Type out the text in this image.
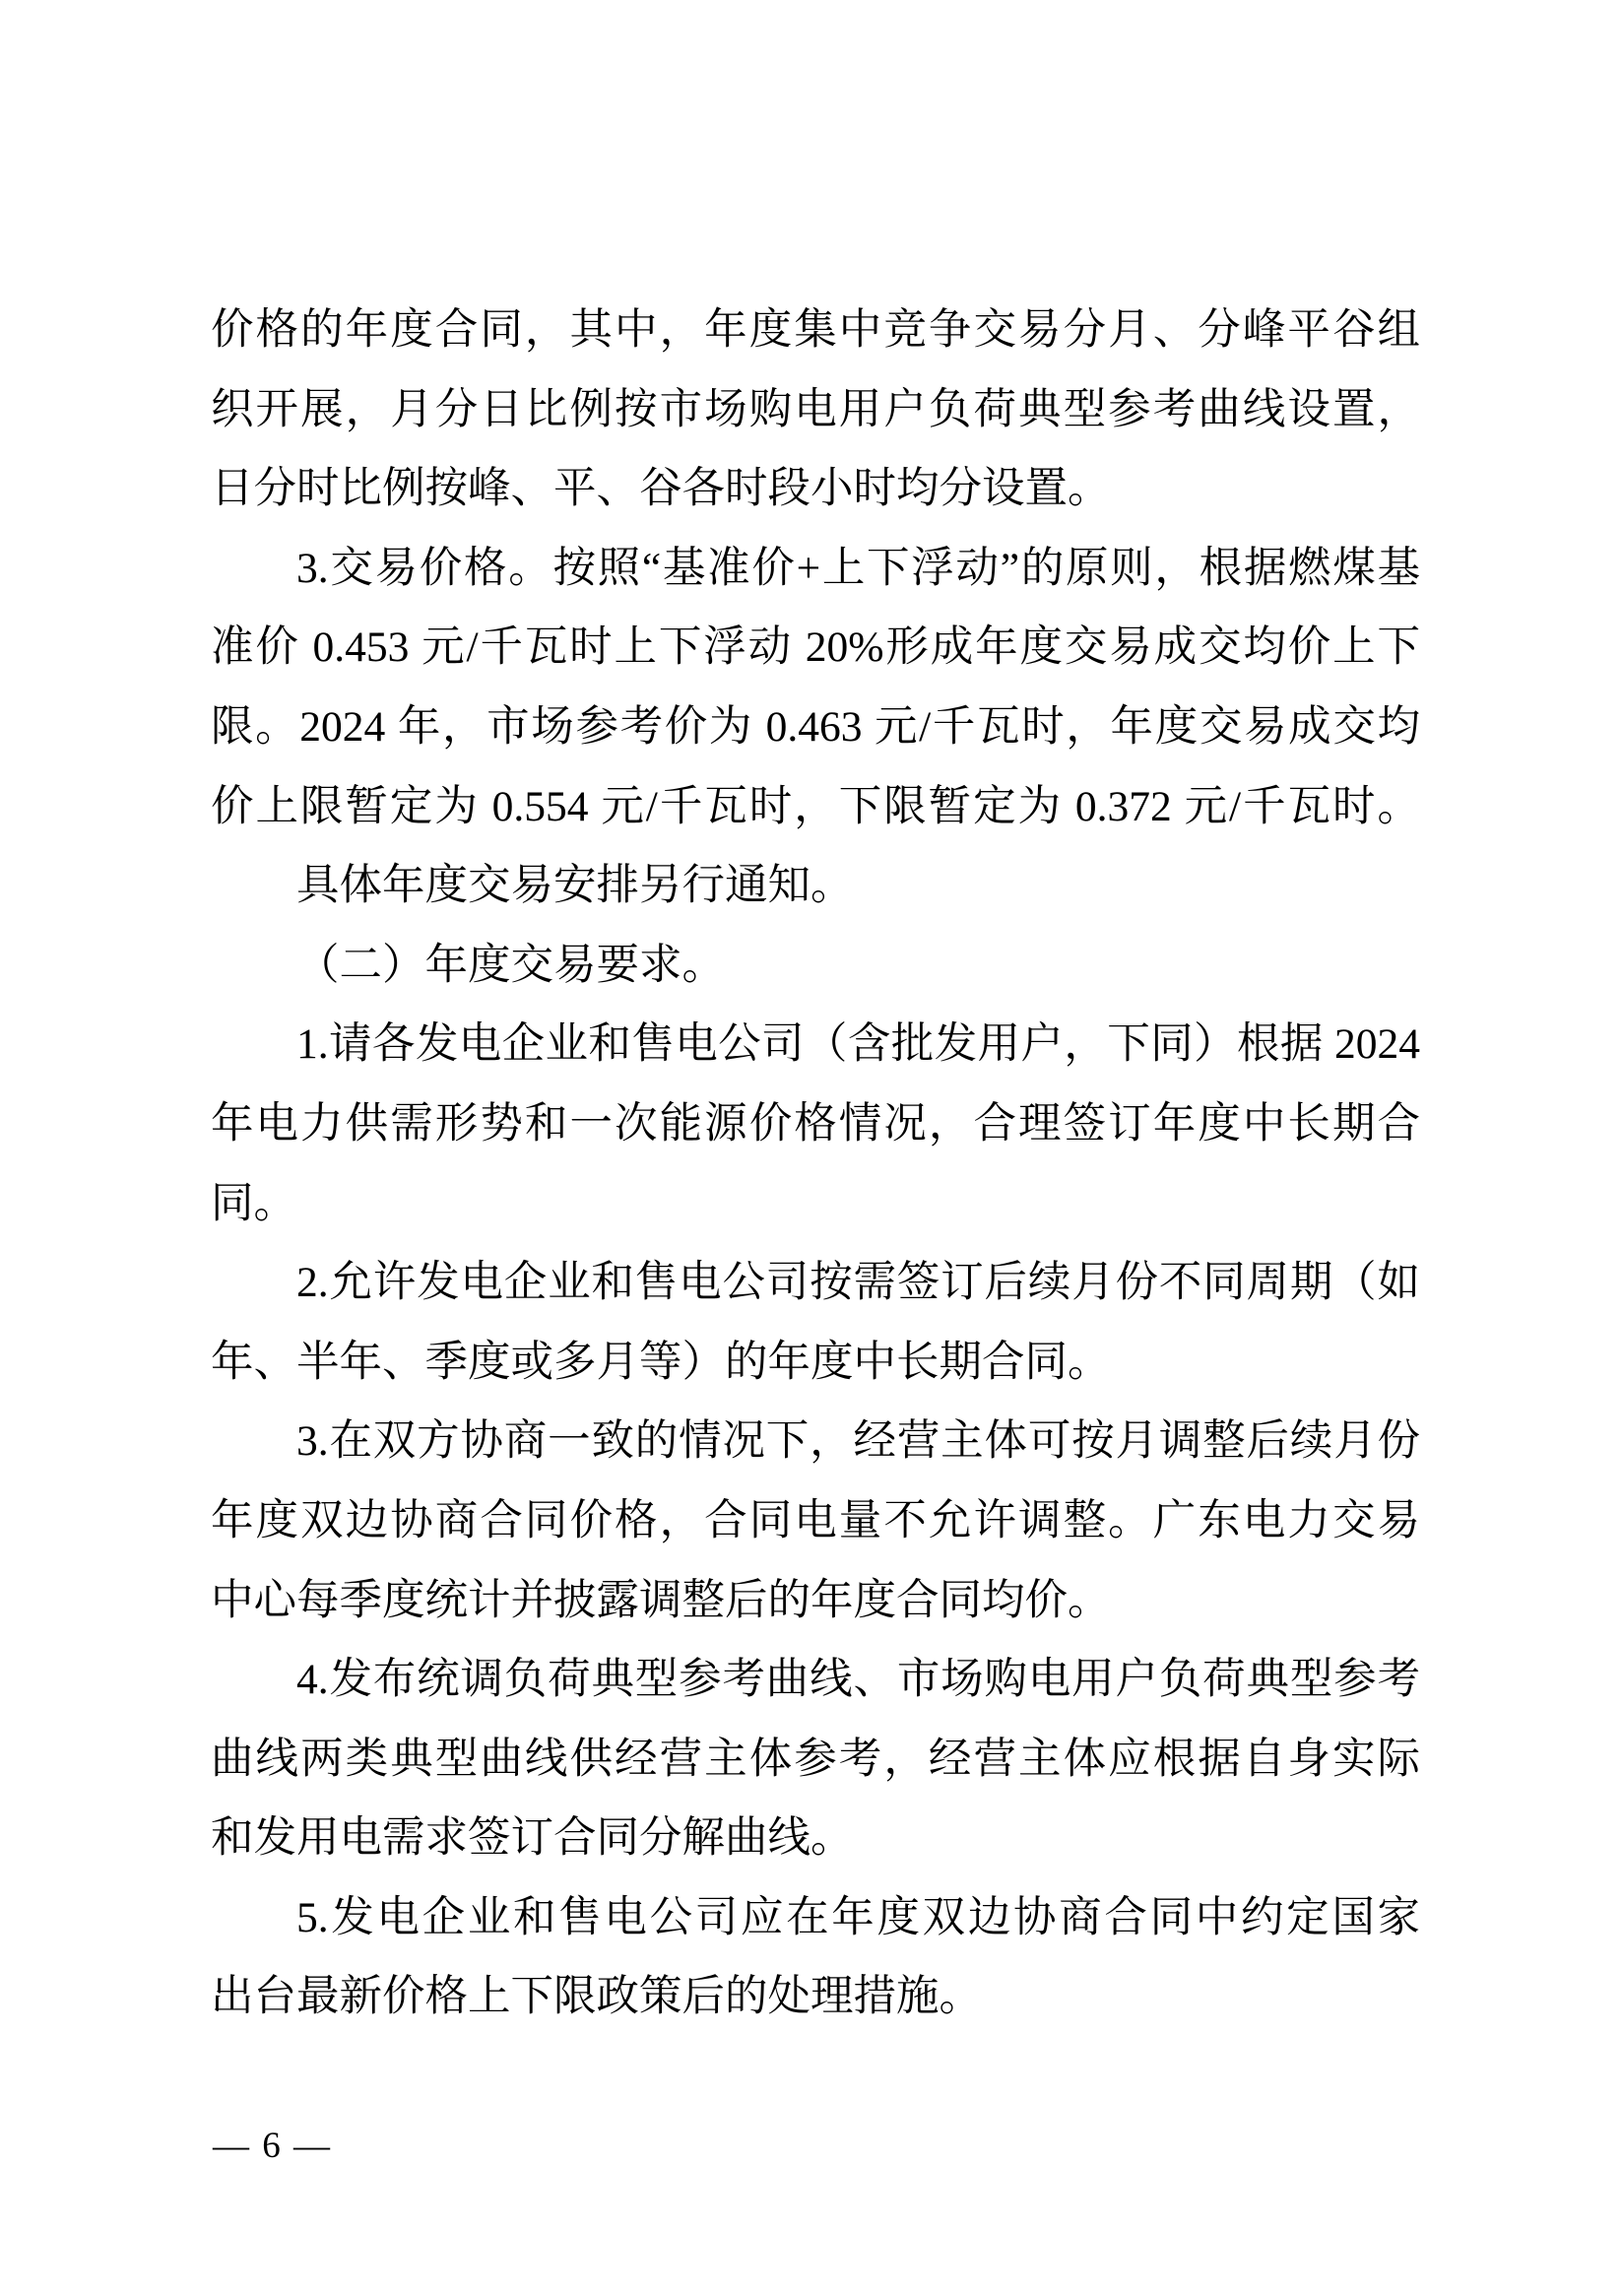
价格的年度合同，其中，年度集中竞争交易分月、分峰平谷组
织开展，月分日比例按市场购电用户负荷典型参考曲线设置，
日分时比例按峰、平、谷各时段小时均分设置。
3.交易价格。按照“基准价+上下浮动”的原则，根据燃煤基
准价 0.453 元/千瓦时上下浮动 20%形成年度交易成交均价上下
限。2024 年，市场参考价为 0.463 元/千瓦时，年度交易成交均
价上限暂定为 0.554 元/千瓦时，下限暂定为 0.372 元/千瓦时。
具体年度交易安排另行通知。
（二）年度交易要求。
1.请各发电企业和售电公司（含批发用户，下同）根据 2024
年电力供需形势和一次能源价格情况，合理签订年度中长期合
同。
2.允许发电企业和售电公司按需签订后续月份不同周期（如
年、半年、季度或多月等）的年度中长期合同。
3.在双方协商一致的情况下，经营主体可按月调整后续月份
年度双边协商合同价格，合同电量不允许调整。广东电力交易
中心每季度统计并披露调整后的年度合同均价。
4.发布统调负荷典型参考曲线、市场购电用户负荷典型参考
曲线两类典型曲线供经营主体参考，经营主体应根据自身实际
和发用电需求签订合同分解曲线。
5.发电企业和售电公司应在年度双边协商合同中约定国家
出台最新价格上下限政策后的处理措施。
— 6 —
